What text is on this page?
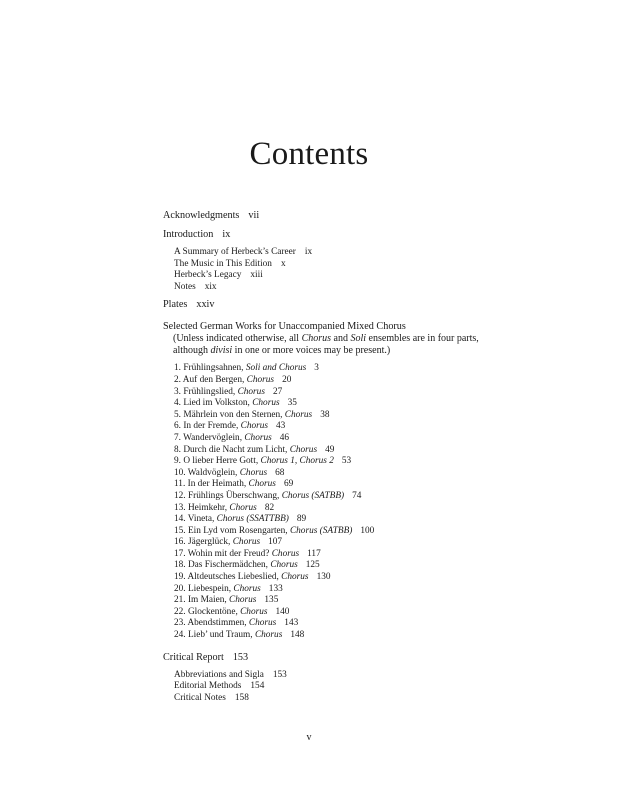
Contents
Acknowledgments vii
Introduction ix
A Summary of Herbeck’s Career ix
The Music in This Edition x
Herbeck’s Legacy xiii
Notes xix
Plates xxiv
Selected German Works for Unaccompanied Mixed Chorus
(Unless indicated otherwise, all Chorus and Soli ensembles are in four parts,
although divisi in one or more voices may be present.)
1. Frühlingsahnen, Soli and Chorus 3
2. Auf den Bergen, Chorus 20
3. Frühlingslied, Chorus 27
4. Lied im Volkston, Chorus 35
5. Mährlein von den Sternen, Chorus 38
6. In der Fremde, Chorus 43
7. Wandervöglein, Chorus 46
8. Durch die Nacht zum Licht, Chorus 49
9. O lieber Herre Gott, Chorus 1, Chorus 2 53
10. Waldvöglein, Chorus 68
11. In der Heimath, Chorus 69
12. Frühlings Überschwang, Chorus (SATBB) 74
13. Heimkehr, Chorus 82
14. Vineta, Chorus (SSATTBB) 89
15. Ein Lyd vom Rosengarten, Chorus (SATBB) 100
16. Jägerglück, Chorus 107
17. Wohin mit der Freud? Chorus 117
18. Das Fischermädchen, Chorus 125
19. Altdeutsches Liebeslied, Chorus 130
20. Liebespein, Chorus 133
21. Im Maien, Chorus 135
22. Glockentöne, Chorus 140
23. Abendstimmen, Chorus 143
24. Lieb’ und Traum, Chorus 148
Critical Report 153
Abbreviations and Sigla 153
Editorial Methods 154
Critical Notes 158
v
